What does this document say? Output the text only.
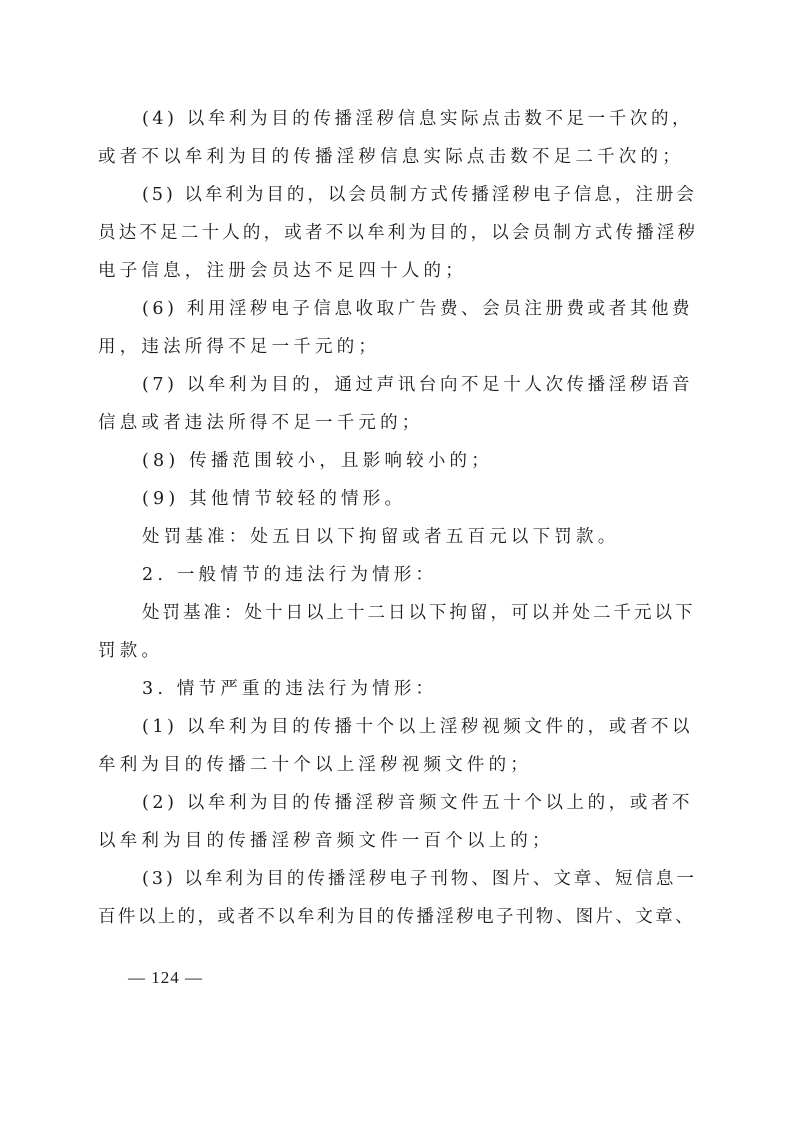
(4) 以牟利为目的传播淫秽信息实际点击数不足一千次的，
或者不以牟利为目的传播淫秽信息实际点击数不足二千次的；
(5) 以牟利为目的，以会员制方式传播淫秽电子信息，注册会
员达不足二十人的，或者不以牟利为目的，以会员制方式传播淫秽
电子信息，注册会员达不足四十人的；
(6) 利用淫秽电子信息收取广告费、会员注册费或者其他费
用，违法所得不足一千元的；
(7) 以牟利为目的，通过声讯台向不足十人次传播淫秽语音
信息或者违法所得不足一千元的；
(8) 传播范围较小，且影响较小的；
(9) 其他情节较轻的情形。
处罚基准：处五日以下拘留或者五百元以下罚款。
2. 一般情节的违法行为情形：
处罚基准：处十日以上十二日以下拘留，可以并处二千元以下
罚款。
3. 情节严重的违法行为情形：
(1) 以牟利为目的传播十个以上淫秽视频文件的，或者不以
牟利为目的传播二十个以上淫秽视频文件的；
(2) 以牟利为目的传播淫秽音频文件五十个以上的，或者不
以牟利为目的传播淫秽音频文件一百个以上的；
(3) 以牟利为目的传播淫秽电子刊物、图片、文章、短信息一
百件以上的，或者不以牟利为目的传播淫秽电子刊物、图片、文章、
— 124 —
